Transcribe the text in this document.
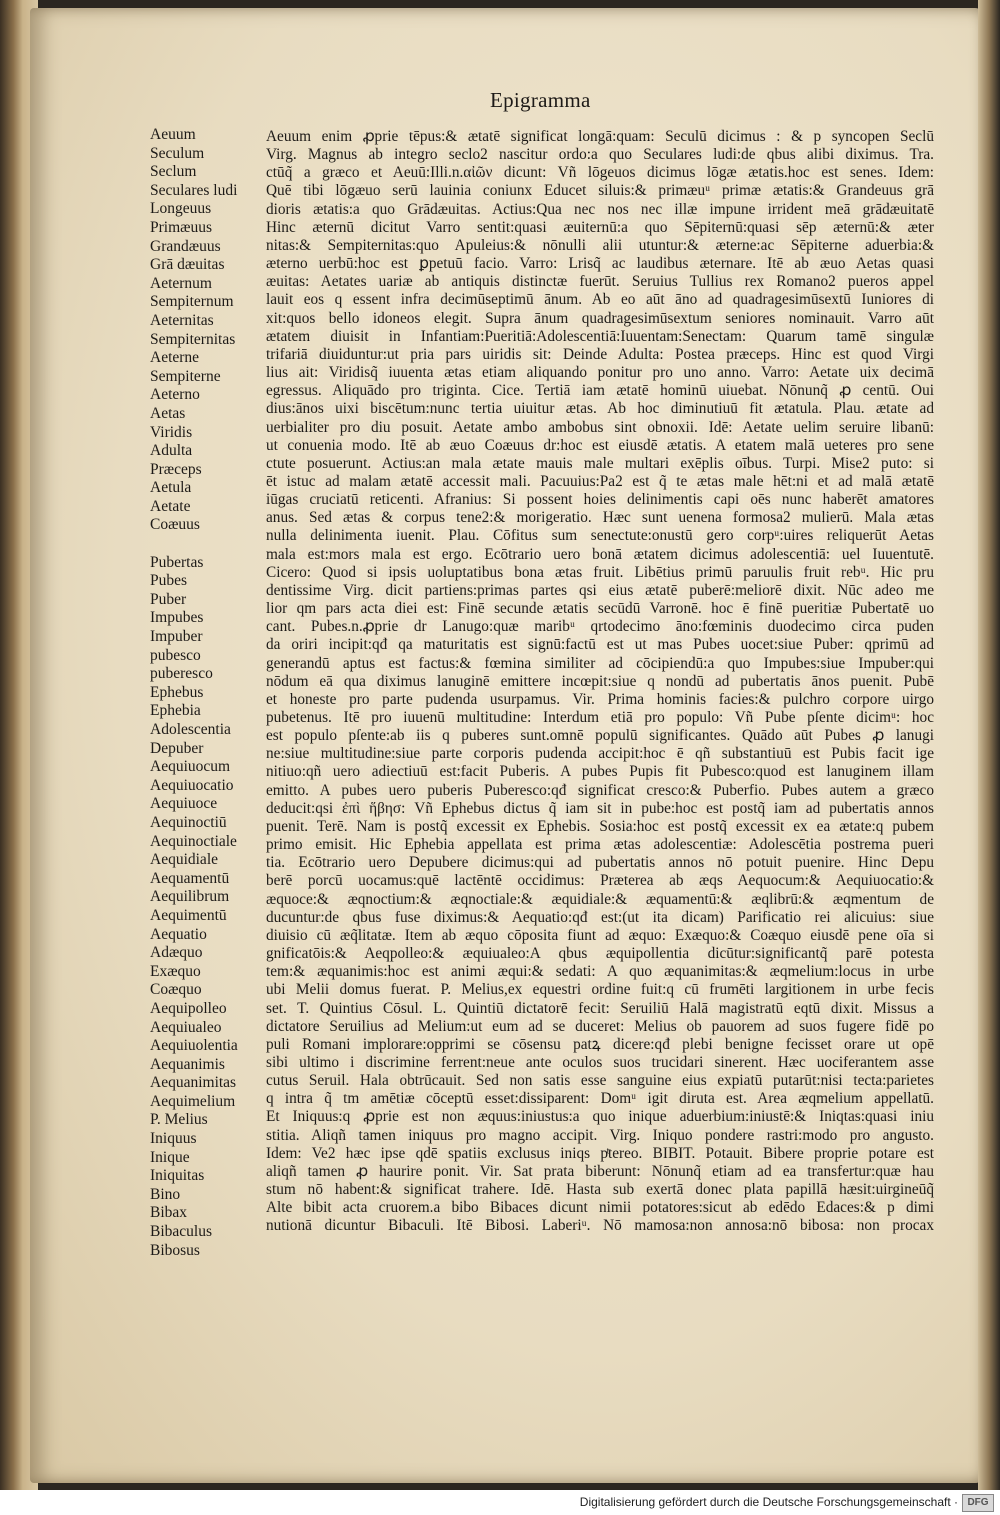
Epigramma
Aeuum
Seculum
Seclum
Seculares ludi
Longeuus
Primæuus
Grandæuus
Grā dæuitas
Aeternum
Sempiternum
Aeternitas
Sempiternitas
Aeterne
Sempiterne
Aeterno
Aetas
Viridis
Adulta
Præceps
Aetula
Aetate
Coæuus
Pubertas
Pubes
Puber
Impubes
Impuber
pubesco
puberesco
Ephebus
Ephebia
Adolescentia
Depuber
Aequiuocum
Aequiuocatio
Aequiuoce
Aequinoctiū
Aequinoctiale
Aequidiale
Aequamentū
Aequilibrum
Aequimentū
Aequatio
Adæquo
Exæquo
Coæquo
Aequipolleo
Aequiualeo
Aequiuolentia
Aequanimis
Aequanimitas
Aequimelium
P. Melius
Iniquus
Inique
Iniquitas
Bino
Bibax
Bibaculus
Bibosus
Aeuum enim ꝓprie tēpus:& ætatē significat longā:quam: Seculū dicimus : & p syncopen Seclū
Virg. Magnus ab integro seclo2 nascitur ordo:a quo Seculares ludi:de qbus alibi diximus. Tra.
ctūq̃ a græco et Aeuū:Illi.n.αἰῶν dicunt: Vñ lōgeuos dicimus lōgæ ætatis.hoc est senes. Idem:
Quē tibi lōgæuo serū lauinia coniunx Educet siluis:& primæuᵘ primæ ætatis:& Grandeuus grā
dioris ætatis:a quo Grādæuitas. Actius:Qua nec nos nec illæ impune irrident meā grādæuitatē
Hinc æternū dicitut Varro sentit:quasi æuiternū:a quo Sēpiternū:quasi sēp æternū:& æter
nitas:& Sempiternitas:quo Apuleius:& nōnulli alii utuntur:& æterne:ac Sēpiterne aduerbia:&
æterno uerbū:hoc est ꝑpetuū facio. Varro: Lrisq̃ ac laudibus æternare. Itē ab æuo Aetas quasi
æuitas: Aetates uariæ ab antiquis distinctæ fuerūt. Seruius Tullius rex Romano2 pueros appel
lauit eos q essent infra decimūseptimū ānum. Ab eo aūt āno ad quadragesimūsextū Iuniores di
xit:quos bello idoneos elegit. Supra ānum quadragesimūsextum seniores nominauit. Varro aūt
ætatem diuisit in Infantiam:Pueritiā:Adolescentiā:Iuuentam:Senectam: Quarum tamē singulæ
trifariā diuiduntur:ut pria pars uiridis sit: Deinde Adulta: Postea præceps. Hinc est quod Virgi
lius ait: Viridisq̃ iuuenta ætas etiam aliquando ponitur pro uno anno. Varro: Aetate uix decimā
egressus. Aliquādo pro triginta. Cice. Tertiā iam ætatē hominū uiuebat. Nōnunq̃ ꝓ centū. Oui
dius:ānos uixi biscētum:nunc tertia uiuitur ætas. Ab hoc diminutiuū fit ætatula. Plau. ætate ad
uerbialiter pro diu posuit. Aetate ambo ambobus sint obnoxii. Idē: Aetate uelim seruire libanū:
ut conuenia modo. Itē ab æuo Coæuus dr:hoc est eiusdē ætatis. A etatem malā ueteres pro sene
ctute posuerunt. Actius:an mala ætate mauis male multari exēplis oībus. Turpi. Mise2 puto: si
ēt istuc ad malam ætatē accessit mali. Pacuuius:Pa2 est q̃ te ætas male hēt:ni et ad malā ætatē
iūgas cruciatū reticenti. Afranius: Si possent hoies delinimentis capi oēs nunc haberēt amatores
anus. Sed ætas & corpus tene2:& morigeratio. Hæc sunt uenena formosa2 mulierū. Mala ætas
nulla delinimenta iuenit. Plau. Cōfitus sum senectute:onustū gero corpᵘ:uires reliquerūt Aetas
mala est:mors mala est ergo. Ecōtrario uero bonā ætatem dicimus adolescentiā: uel Iuuentutē.
Cicero: Quod si ipsis uoluptatibus bona ætas fruit. Libētius primū paruulis fruit rebᵘ. Hic pru
dentissime Virg. dicit partiens:primas partes qsi eius ætatē puberē:meliorē dixit. Nūc adeo me
lior qm pars acta diei est: Finē secunde ætatis secūdū Varronē. hoc ē finē pueritiæ Pubertatē uo
cant. Pubes.n.ꝓprie dr Lanugo:quæ maribᵘ qrtodecimo āno:fœminis duodecimo circa puden
da oriri incipit:qđ qa maturitatis est signū:factū est ut mas Pubes uocet:siue Puber: qprimū ad
generandū aptus est factus:& fœmina similiter ad cōcipiendū:a quo Impubes:siue Impuber:qui
nōdum eā qua diximus lanuginē emittere incœpit:siue q nondū ad pubertatis ānos puenit. Pubē
et honeste pro parte pudenda usurpamus. Vir. Prima hominis facies:& pulchro corpore uirgo
pubetenus. Itē pro iuuenū multitudine: Interdum etiā pro populo: Vñ Pube pſente dicimᵘ: hoc
est populo pſente:ab iis q puberes sunt.omnē populū significantes. Quādo aūt Pubes ꝓ lanugi
ne:siue multitudine:siue parte corporis pudenda accipit:hoc ē qñ substantiuū est Pubis facit ige
nitiuo:qñ uero adiectiuū est:facit Puberis. A pubes Pupis fit Pubesco:quod est lanuginem illam
emitto. A pubes uero puberis Puberesco:qđ significat cresco:& Puberfio. Pubes autem a græco
deducit:qsi ἐπὶ ἥβησ: Vñ Ephebus dictus q̃ iam sit in pube:hoc est postq̃ iam ad pubertatis annos
puenit. Terē. Nam is postq̃ excessit ex Ephebis. Sosia:hoc est postq̃ excessit ex ea ætate:q pubem
primo emisit. Hic Ephebia appellata est prima ætas adolescentiæ: Adolescētia postrema pueri
tia. Ecōtrario uero Depubere dicimus:qui ad pubertatis annos nō potuit puenire. Hinc Depu
berē porcū uocamus:quē lactēntē occidimus: Præterea ab æqs Aequocum:& Aequiuocatio:&
æquoce:& æqnoctium:& æqnoctiale:& æquidiale:& æquamentū:& æqlibrū:& æqmentum de
ducuntur:de qbus fuse diximus:& Aequatio:qđ est:(ut ita dicam) Parificatio rei alicuius: siue
diuisio cū æq̃litatæ. Item ab æquo cōposita fiunt ad æquo: Exæquo:& Coæquo eiusdē pene oīa si
gnificatōis:& Aeqpolleo:& æquiualeo:A qbus æquipollentia dicūtur:significantq̃ parē potesta
tem:& æquanimis:hoc est animi æqui:& sedati: A quo æquanimitas:& æqmelium:locus in urbe
ubi Melii domus fuerat. P. Melius,ex equestri ordine fuit:q cū frumēti largitionem in urbe fecis
set. T. Quintius Cōsul. L. Quintiū dictatorē fecit: Seruiliū Halā magistratū eqtū dixit. Missus a
dictatore Seruilius ad Melium:ut eum ad se duceret: Melius ob pauorem ad suos fugere fidē po
puli Romani implorare:opprimi se cōsensu patꝝ dicere:qđ plebi benigne fecisset orare ut opē
sibi ultimo i discrimine ferrent:neue ante oculos suos trucidari sinerent. Hæc uociferantem asse
cutus Seruil. Hala obtrūcauit. Sed non satis esse sanguine eius expiatū putarūt:nisi tecta:parietes
q intra q̃ tm amētiæ cōceptū esset:dissiparent: Domᵘ igit diruta est. Area æqmelium appellatū.
Et Iniquus:q ꝓprie est non æquus:iniustus:a quo inique aduerbium:iniustē:& Iniqtas:quasi iniu
stitia. Aliqñ tamen iniquus pro magno accipit. Virg. Iniquo pondere rastri:modo pro angusto.
Idem: Ve2 hæc ipse qdē spatiis exclusus iniqs pͭtereo. BIBIT. Potauit. Bibere proprie potare est
aliqñ tamen ꝓ haurire ponit. Vir. Sat prata biberunt: Nōnunq̃ etiam ad ea transfertur:quæ hau
stum nō habent:& significat trahere. Idē. Hasta sub exertā donec plata papillā hæsit:uirgineūq̃
Alte bibit acta cruorem.a bibo Bibaces dicunt nimii potatores:sicut ab edēdo Edaces:& p dimi
nutionā dicuntur Bibaculi. Itē Bibosi. Laberiᵘ. Nō mamosa:non annosa:nō bibosa: non procax
Digitalisierung gefördert durch die Deutsche Forschungsgemeinschaft · DFG
